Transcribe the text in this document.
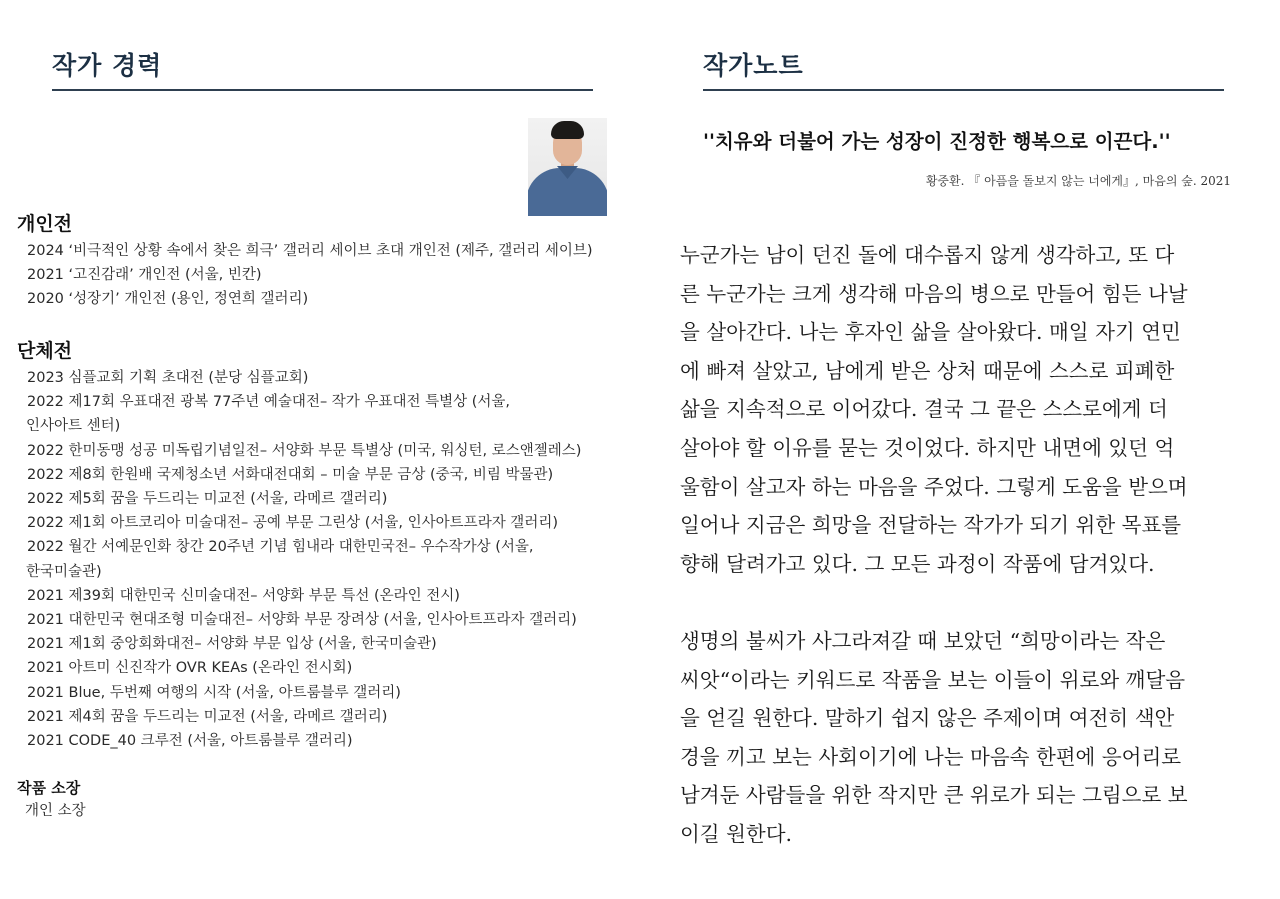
작가 경력
개인전
2024 ‘비극적인 상황 속에서 찾은 희극’ 갤러리 세이브 초대 개인전 (제주, 갤러리 세이브)
2021 ‘고진감래’ 개인전 (서울, 빈칸)
2020 ‘성장기’ 개인전 (용인, 정연희 갤러리)
단체전
2023 심플교회 기획 초대전 (분당 심플교회)
2022 제17회 우표대전 광복 77주년 예술대전– 작가 우표대전 특별상 (서울,
인사아트 센터)
2022 한미동맹 성공 미독립기념일전– 서양화 부문 특별상 (미국, 워싱턴, 로스앤젤레스)
2022 제8회 한원배 국제청소년 서화대전대회 – 미술 부문 금상 (중국, 비림 박물관)
2022 제5회 꿈을 두드리는 미교전 (서울, 라메르 갤러리)
2022 제1회 아트코리아 미술대전– 공예 부문 그린상 (서울, 인사아트프라자 갤러리)
2022 월간 서예문인화 창간 20주년 기념 힘내라 대한민국전– 우수작가상 (서울,
한국미술관)
2021 제39회 대한민국 신미술대전– 서양화 부문 특선 (온라인 전시)
2021 대한민국 현대조형 미술대전– 서양화 부문 장려상 (서울, 인사아트프라자 갤러리)
2021 제1회 중앙회화대전– 서양화 부문 입상 (서울, 한국미술관)
2021 아트미 신진작가 OVR KEAs (온라인 전시회)
2021 Blue, 두번째 여행의 시작 (서울, 아트룸블루 갤러리)
2021 제4회 꿈을 두드리는 미교전 (서울, 라메르 갤러리)
2021 CODE_40 크루전 (서울, 아트룸블루 갤러리)
작품 소장
개인 소장
작가노트
''치유와 더불어 가는 성장이 진정한 행복으로 이끈다.''
황중환. 『 아픔을 돌보지 않는 너에게』, 마음의 숲. 2021

누군가는 남이 던진 돌에 대수롭지 않게 생각하고, 또 다
른 누군가는 크게 생각해 마음의 병으로 만들어 힘든 나날
을 살아간다. 나는 후자인 삶을 살아왔다. 매일 자기 연민
에 빠져 살았고, 남에게 받은 상처 때문에 스스로 피폐한
삶을 지속적으로 이어갔다. 결국 그 끝은 스스로에게 더
살아야 할 이유를 묻는 것이었다. 하지만 내면에 있던 억
울함이 살고자 하는 마음을 주었다. 그렇게 도움을 받으며
일어나 지금은 희망을 전달하는 작가가 되기 위한 목표를
향해 달려가고 있다. 그 모든 과정이 작품에 담겨있다.

생명의 불씨가 사그라져갈 때 보았던 “희망이라는 작은
씨앗“이라는 키워드로 작품을 보는 이들이 위로와 깨달음
을 얻길 원한다. 말하기 쉽지 않은 주제이며 여전히 색안
경을 끼고 보는 사회이기에 나는 마음속 한편에 응어리로
남겨둔 사람들을 위한 작지만 큰 위로가 되는 그림으로 보
이길 원한다.
